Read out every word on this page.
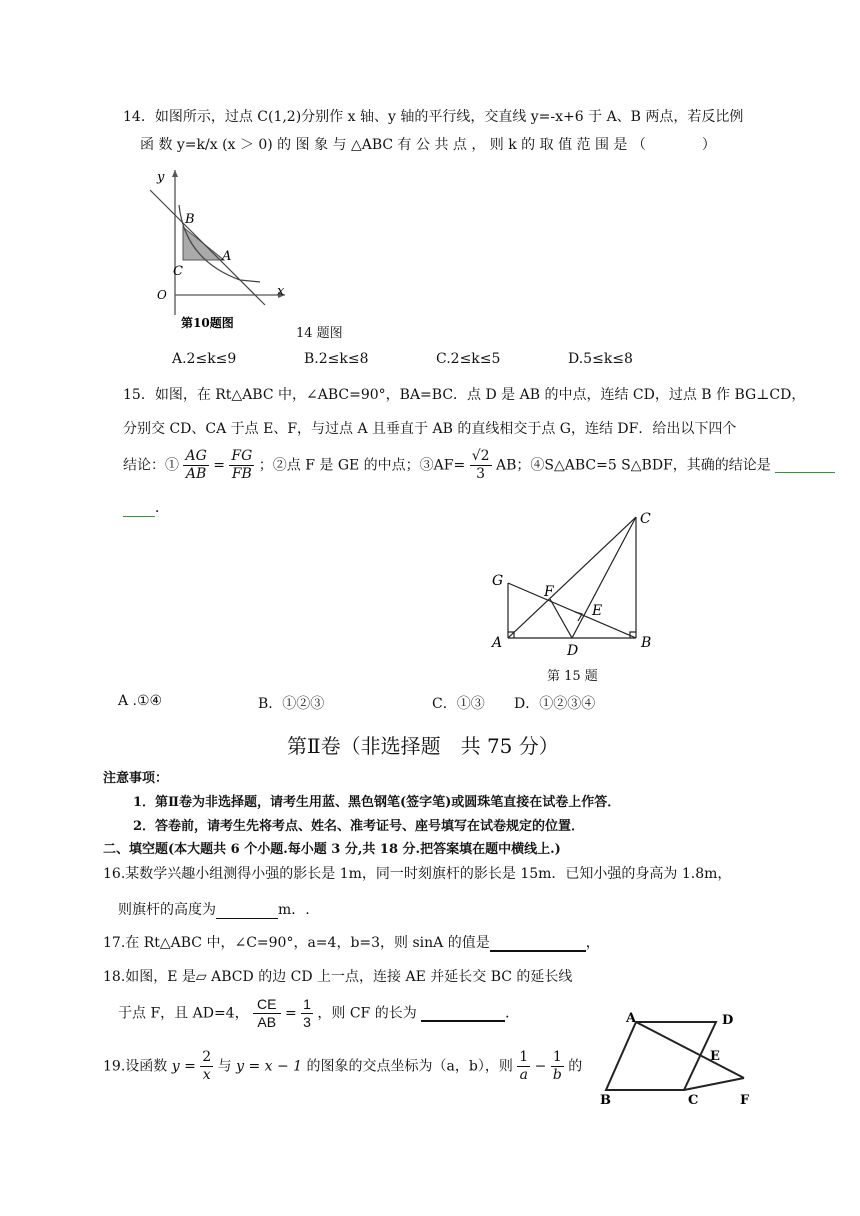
14．如图所示，过点 C(1,2)分别作 x 轴、y 轴的平行线，交直线 y=-x+6 于 A、B 两点，若反比例
函 数 y=k/x (x ＞ 0) 的 图 象 与 △ABC 有 公 共 点 ， 则 k 的 取 值 范 围 是 （　　　　）
y
x
O
B
A
C
第10题图
14 题图
A.2≤k≤9	B.2≤k≤8	C.2≤k≤5	D.5≤k≤8
15．如图，在 Rt△ABC 中，∠ABC=90°，BA=BC．点 D 是 AB 的中点，连结 CD，过点 B 作 BG⊥CD，
分别交 CD、CA 于点 E、F，与过点 A 且垂直于 AB 的直线相交于点 G，连结 DF．给出以下四个
结论：① $\frac{AG}{AB} = \frac{FG}{FB}$ ；②点 F 是 GE 的中点；③AF= $\frac{√2}{3}$ AB；④S△ABC=5 S△BDF，其确的结论是
．
C
G
F
E
A	D	B
第 15 题
A .①④	B．①②③	C．①③ D．①②③④
第Ⅱ卷（非选择题　共 75 分）
注意事项：
1．第Ⅱ卷为非选择题，请考生用蓝、黑色钢笔(签字笔)或圆珠笔直接在试卷上作答．
2．答卷前，请考生先将考点、姓名、准考证号、座号填写在试卷规定的位置．
二、填空题(本大题共 6 个小题.每小题 3 分,共 18 分.把答案填在题中横线上.)
16.某数学兴趣小组测得小强的影长是 1m，同一时刻旗杆的影长是 15m．已知小强的身高为 1.8m，
则旗杆的高度为	m．.
17.在 Rt△ABC 中，∠C=90°，a=4，b=3，则 sinA 的值是	，
18.如图，E 是▱ ABCD 的边 CD 上一点，连接 AE 并延长交 BC 的延长线
于点 F，且 AD=4， $\frac{CE}{AB} = \frac{1}{3}$ ，则 CF 的长为	．	A	D
E
B	C	F
19.设函数 $y = \frac{2}{x}$ 与 y = x − 1 的图象的交点坐标为（a，b），则 $\frac{1}{a} - \frac{1}{b}$ 的
